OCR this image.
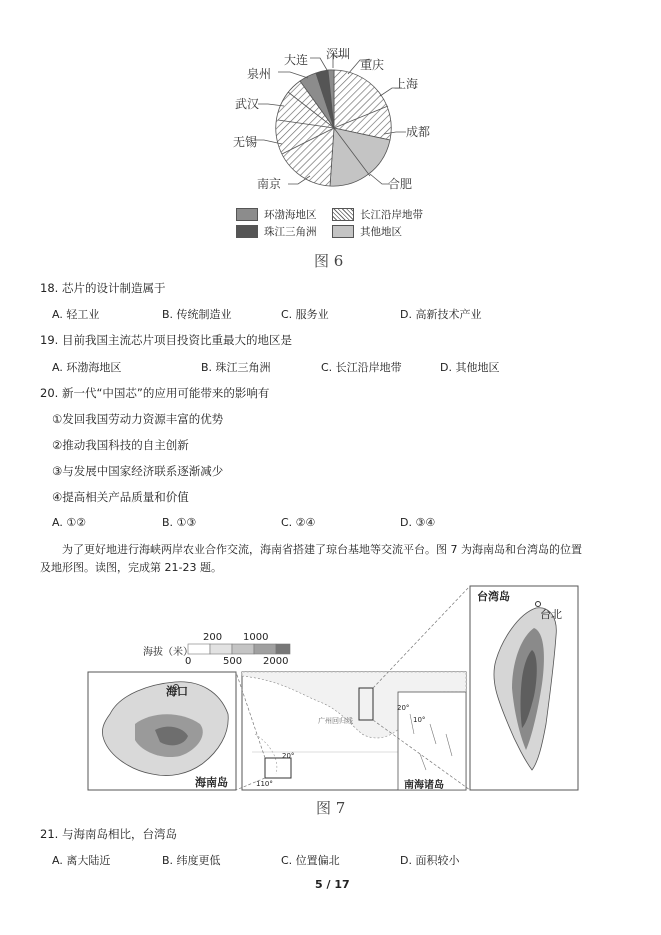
深圳
大连	重庆
泉州
上海
武汉
成都
无锡
南京	合肥
环渤海地区	长江沿岸地带
珠江三角洲	其他地区
图 6
18. 芯片的设计制造属于
A. 轻工业	B. 传统制造业	C. 服务业	D. 高新技术产业
19. 目前我国主流芯片项目投资比重最大的地区是
A. 环渤海地区	B. 珠江三角洲	C. 长江沿岸地带	D. 其他地区
20. 新一代“中国芯”的应用可能带来的影响有
①发回我国劳动力资源丰富的优势
②推动我国科技的自主创新
③与发展中国家经济联系逐渐减少
④提高相关产品质量和价值
A. ①②	B. ①③	C. ②④	D. ③④
为了更好地进行海峡两岸农业合作交流，海南省搭建了琼台基地等交流平台。图 7 为海南岛和台湾岛的位置
及地形图。读图，完成第 21-23 题。
海拔（米）
200 1000
0	500 2000
海口
海南岛
台湾岛
台北
南海诸岛
110°
20°
20°
10°
广州回归线
图 7
21. 与海南岛相比，台湾岛
A. 离大陆近	B. 纬度更低	C. 位置偏北	D. 面积较小
5 / 17
